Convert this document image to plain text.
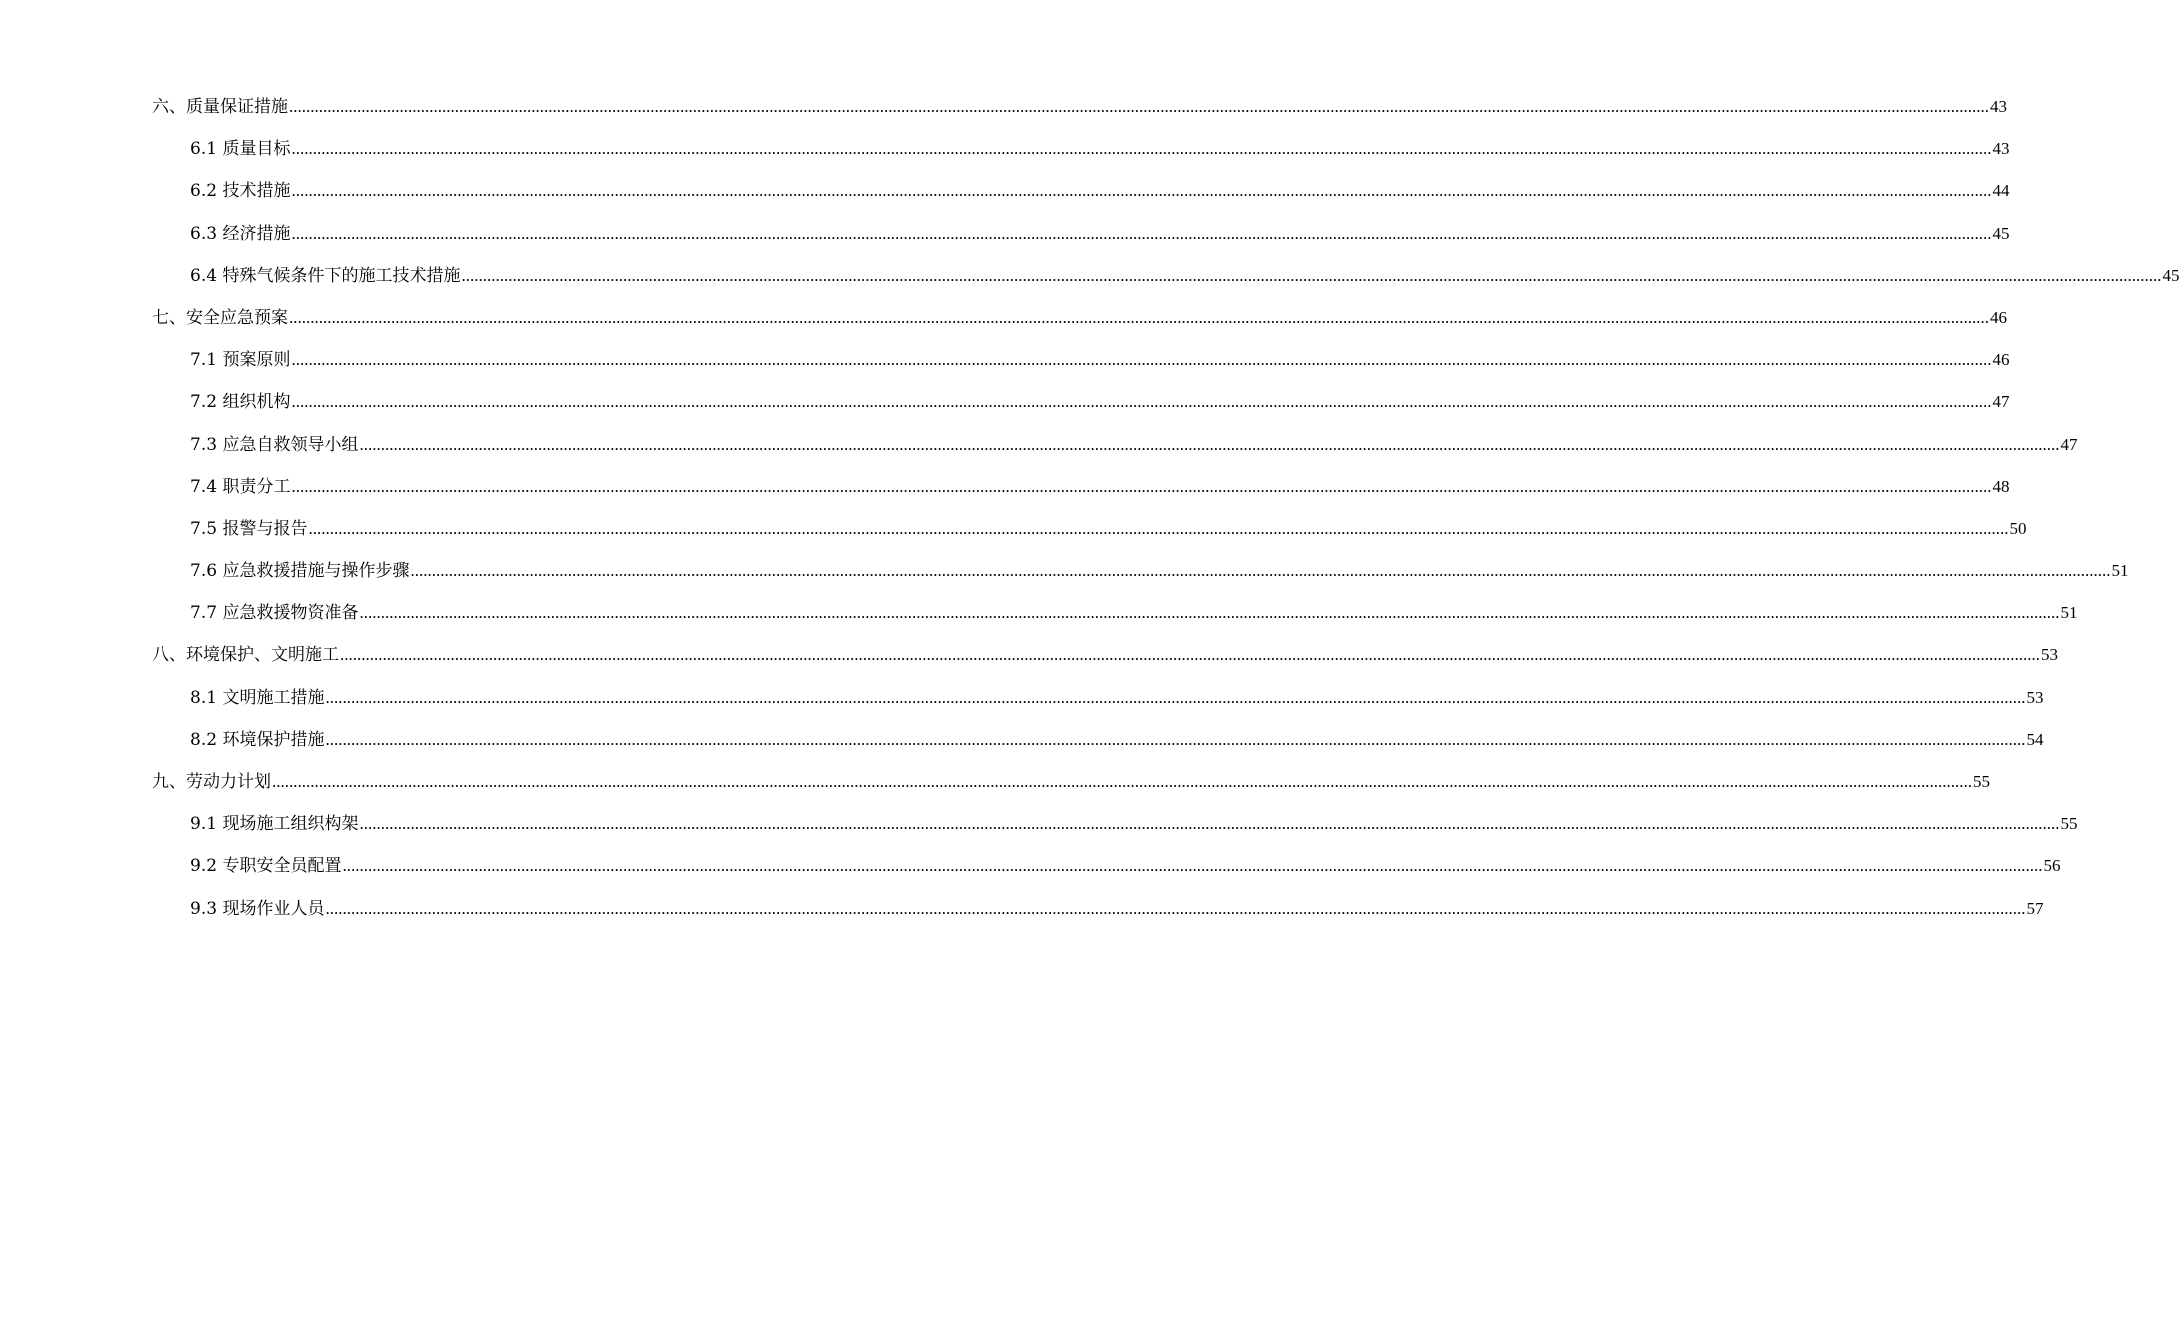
六、质量保证措施 ................................................................................................................................................................................................................................................................................................................................................................................................................ 43
6.1 质量目标 ................................................................................................................................................................................................................................................................................................................................................................................................................ 43
6.2 技术措施 ................................................................................................................................................................................................................................................................................................................................................................................................................ 44
6.3 经济措施 ................................................................................................................................................................................................................................................................................................................................................................................................................ 45
6.4 特殊气候条件下的施工技术措施 ................................................................................................................................................................................................................................................................................................................................................................................................................ 45
七、安全应急预案 ................................................................................................................................................................................................................................................................................................................................................................................................................ 46
7.1 预案原则 ................................................................................................................................................................................................................................................................................................................................................................................................................ 46
7.2 组织机构 ................................................................................................................................................................................................................................................................................................................................................................................................................ 47
7.3 应急自救领导小组 ................................................................................................................................................................................................................................................................................................................................................................................................................ 47
7.4 职责分工 ................................................................................................................................................................................................................................................................................................................................................................................................................ 48
7.5 报警与报告 ................................................................................................................................................................................................................................................................................................................................................................................................................ 50
7.6 应急救援措施与操作步骤 ................................................................................................................................................................................................................................................................................................................................................................................................................ 51
7.7 应急救援物资准备 ................................................................................................................................................................................................................................................................................................................................................................................................................ 51
八、环境保护、文明施工 ................................................................................................................................................................................................................................................................................................................................................................................................................ 53
8.1 文明施工措施 ................................................................................................................................................................................................................................................................................................................................................................................................................ 53
8.2 环境保护措施 ................................................................................................................................................................................................................................................................................................................................................................................................................ 54
九、劳动力计划 ................................................................................................................................................................................................................................................................................................................................................................................................................ 55
9.1 现场施工组织构架 ................................................................................................................................................................................................................................................................................................................................................................................................................ 55
9.2 专职安全员配置 ................................................................................................................................................................................................................................................................................................................................................................................................................ 56
9.3 现场作业人员 ................................................................................................................................................................................................................................................................................................................................................................................................................ 57
